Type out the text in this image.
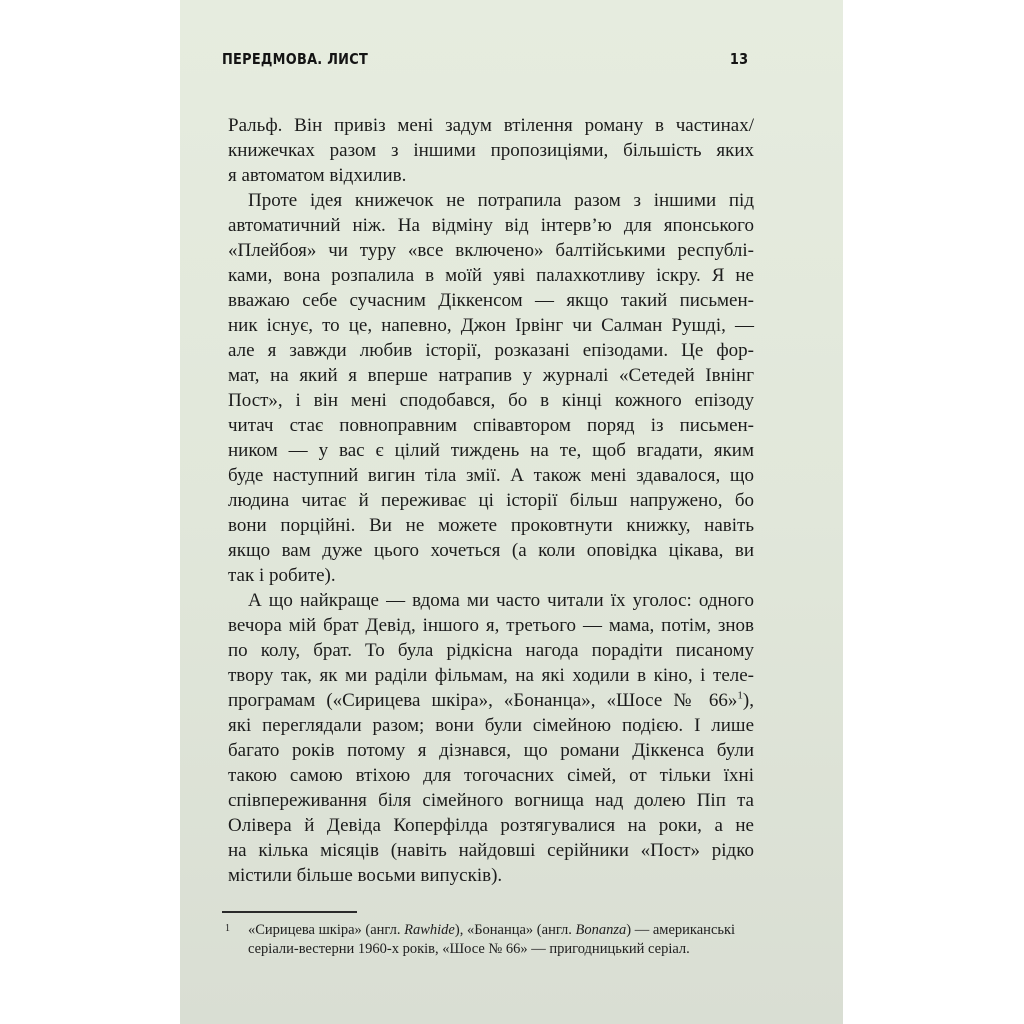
ПЕРЕДМОВА. ЛИСТ	13
Ральф. Він привіз мені задум втілення роману в частинах/
книжечках разом з іншими пропозиціями, більшість яких
я автоматом відхилив.
Проте ідея книжечок не потрапила разом з іншими під
автоматичний ніж. На відміну від інтерв’ю для японського
«Плейбоя» чи туру «все включено» балтійськими республі-
ками, вона розпалила в моїй уяві палахкотливу іскру. Я не
вважаю себе сучасним Діккенсом — якщо такий письмен-
ник існує, то це, напевно, Джон Ірвінг чи Салман Рушді, —
але я завжди любив історії, розказані епізодами. Це фор-
мат, на який я вперше натрапив у журналі «Сетедей Івнінг
Пост», і він мені сподобався, бо в кінці кожного епізоду
читач стає повноправним співавтором поряд із письмен-
ником — у вас є цілий тиждень на те, щоб вгадати, яким
буде наступний вигин тіла змії. А також мені здавалося, що
людина читає й переживає ці історії більш напружено, бо
вони порційні. Ви не можете проковтнути книжку, навіть
якщо вам дуже цього хочеться (а коли оповідка цікава, ви
так і робите).
А що найкраще — вдома ми часто читали їх уголос: одного
вечора мій брат Девід, іншого я, третього — мама, потім, знов
по колу, брат. То була рідкісна нагода порадіти писаному
твору так, як ми раділи фільмам, на які ходили в кіно, і теле-
програмам («Сирицева шкіра», «Бонанца», «Шосе № 66»$^1$),
які переглядали разом; вони були сімейною подією. І лише
багато років потому я дізнався, що романи Діккенса були
такою самою втіхою для тогочасних сімей, от тільки їхні
співпереживання біля сімейного вогнища над долею Піп та
Олівера й Девіда Коперфілда розтягувалися на роки, а не
на кілька місяців (навіть найдовші серійники «Пост» рідко
містили більше восьми випусків).
1 «Сирицева шкіра» (англ. Rawhide), «Бонанца» (англ. Bonanza) — американські
серіали-вестерни 1960-х років, «Шосе № 66» — пригодницький серіал.
